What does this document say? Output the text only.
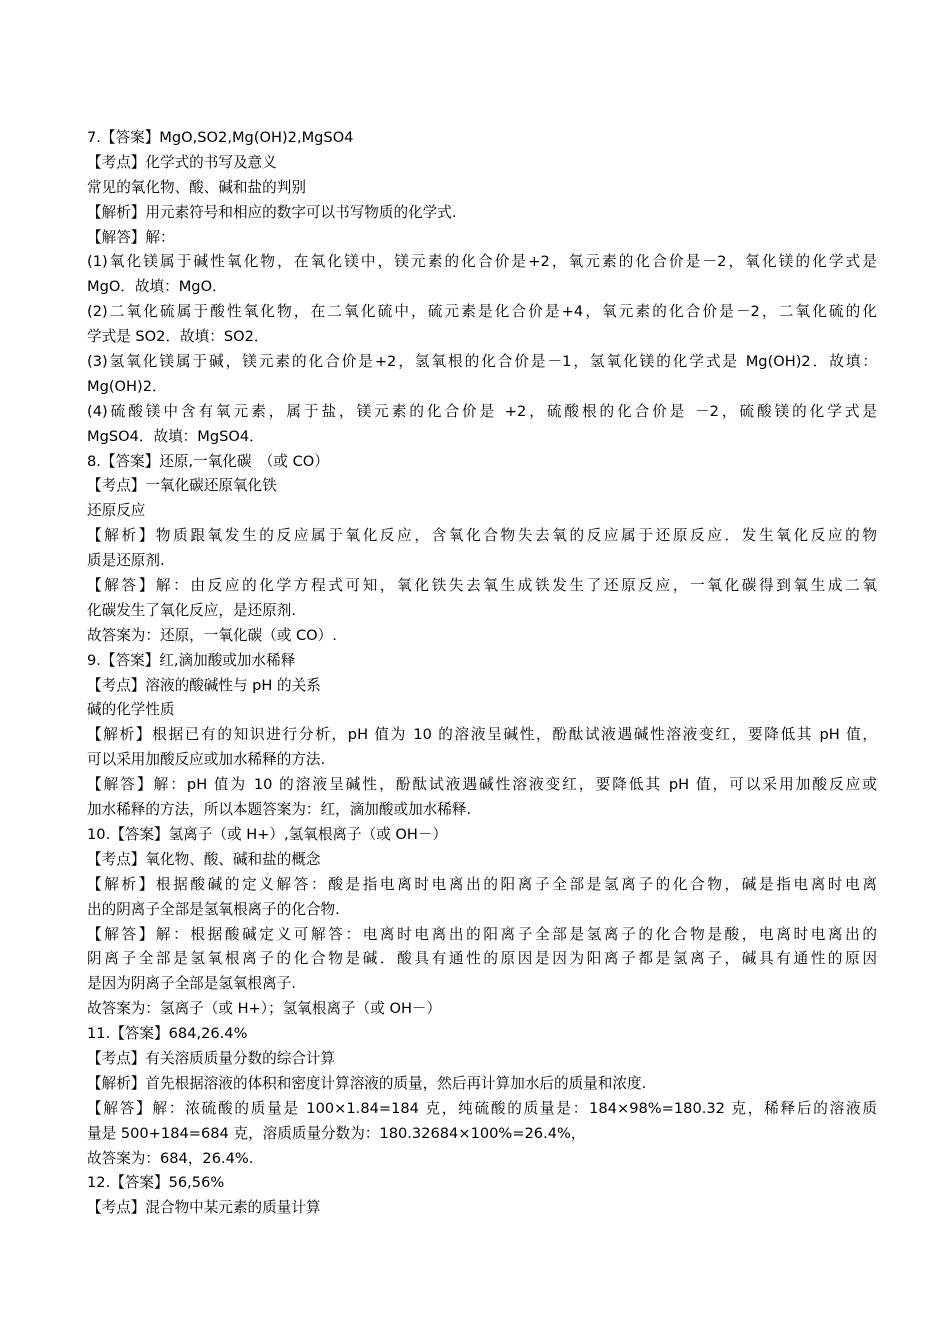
7.【答案】MgO,SO2,Mg(OH)2,MgSO4

【考点】化学式的书写及意义

常见的氧化物、酸、碱和盐的判别

【解析】用元素符号和相应的数字可以书写物质的化学式.

【解答】解：

(1)氧化镁属于碱性氧化物，在氧化镁中，镁元素的化合价是+2，氧元素的化合价是－2，氧化镁的化学式是

MgO．故填：MgO．

(2)二氧化硫属于酸性氧化物，在二氧化硫中，硫元素是化合价是+4，氧元素的化合价是－2，二氧化硫的化

学式是 SO2．故填：SO2．

(3)氢氧化镁属于碱，镁元素的化合价是+2，氢氧根的化合价是－1，氢氧化镁的化学式是 Mg(OH)2．故填：

Mg(OH)2．

(4)硫酸镁中含有氧元素，属于盐，镁元素的化合价是 +2，硫酸根的化合价是 －2，硫酸镁的化学式是

MgSO4．故填：MgSO4．

8.【答案】还原,一氧化碳　（或 CO）

【考点】一氧化碳还原氧化铁

还原反应

【解析】物质跟氧发生的反应属于氧化反应，含氧化合物失去氧的反应属于还原反应．发生氧化反应的物

质是还原剂.

【解答】解：由反应的化学方程式可知，氧化铁失去氧生成铁发生了还原反应，一氧化碳得到氧生成二氧

化碳发生了氧化反应，是还原剂.

故答案为：还原，一氧化碳（或 CO）.

9.【答案】红,滴加酸或加水稀释

【考点】溶液的酸碱性与 pH 的关系

碱的化学性质

【解析】根据已有的知识进行分析，pH 值为 10 的溶液呈碱性，酚酞试液遇碱性溶液变红，要降低其 pH 值，

可以采用加酸反应或加水稀释的方法.

【解答】解：pH 值为 10 的溶液呈碱性，酚酞试液遇碱性溶液变红，要降低其 pH 值，可以采用加酸反应或

加水稀释的方法，所以本题答案为：红，滴加酸或加水稀释.

10.【答案】氢离子（或 H+）,氢氧根离子（或 OH－）

【考点】氧化物、酸、碱和盐的概念

【解析】根据酸碱的定义解答：酸是指电离时电离出的阳离子全部是氢离子的化合物，碱是指电离时电离

出的阴离子全部是氢氧根离子的化合物.

【解答】解：根据酸碱定义可解答：电离时电离出的阳离子全部是氢离子的化合物是酸，电离时电离出的

阴离子全部是氢氧根离子的化合物是碱．酸具有通性的原因是因为阳离子都是氢离子，碱具有通性的原因

是因为阴离子全部是氢氧根离子.

故答案为：氢离子（或 H+）；氢氧根离子（或 OH－）

11.【答案】684,26.4%

【考点】有关溶质质量分数的综合计算

【解析】首先根据溶液的体积和密度计算溶液的质量，然后再计算加水后的质量和浓度.

【解答】解：浓硫酸的质量是 100×1.84=184 克，纯硫酸的质量是：184×98%=180.32 克，稀释后的溶液质

量是 500+184=684 克，溶质质量分数为：180.32684×100%=26.4%，

故答案为：684，26.4%.

12.【答案】56,56%

【考点】混合物中某元素的质量计算
